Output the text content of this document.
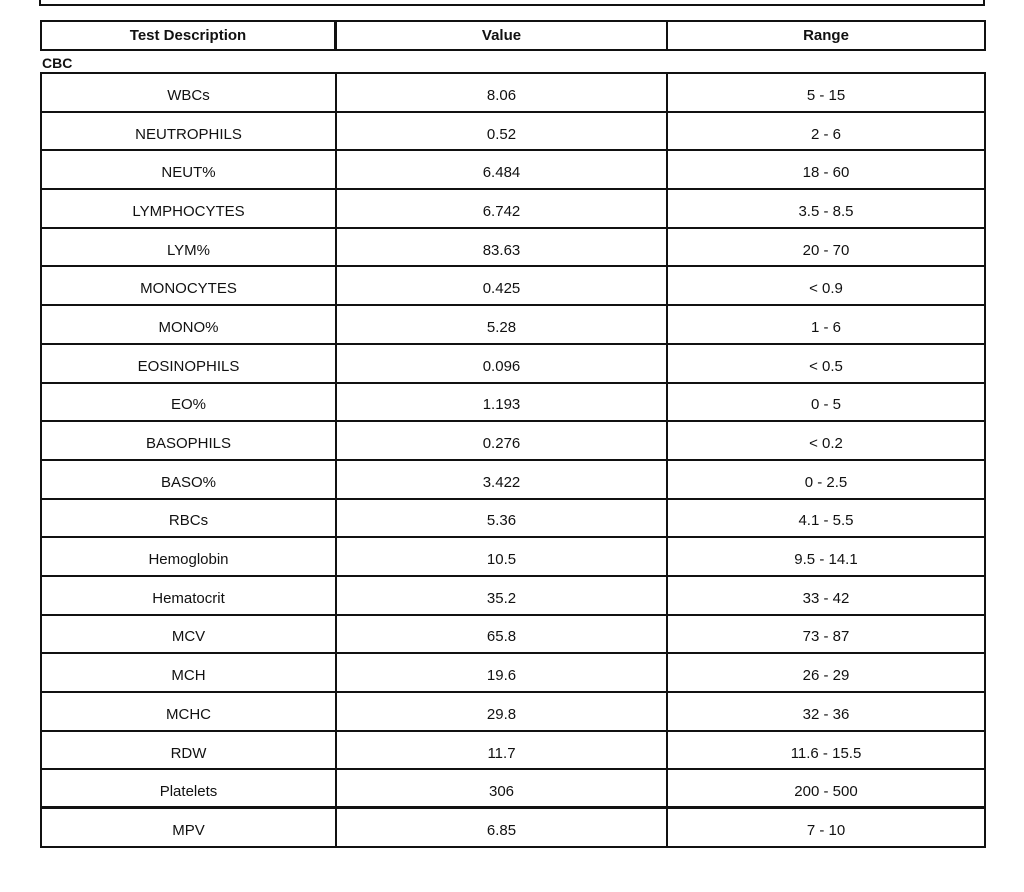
Test Description	Value	Range
CBC
WBCs	8.06	5 - 15
NEUTROPHILS	0.52	2 - 6
NEUT%	6.484	18 - 60
LYMPHOCYTES	6.742	3.5 - 8.5
LYM%	83.63	20 - 70
MONOCYTES	0.425	< 0.9
MONO%	5.28	1 - 6
EOSINOPHILS	0.096	< 0.5
EO%	1.193	0 - 5
BASOPHILS	0.276	< 0.2
BASO%	3.422	0 - 2.5
RBCs	5.36	4.1 - 5.5
Hemoglobin	10.5	9.5 - 14.1
Hematocrit	35.2	33 - 42
MCV	65.8	73 - 87
MCH	19.6	26 - 29
MCHC	29.8	32 - 36
RDW	11.7	11.6 - 15.5
Platelets	306	200 - 500
MPV	6.85	7 - 10
